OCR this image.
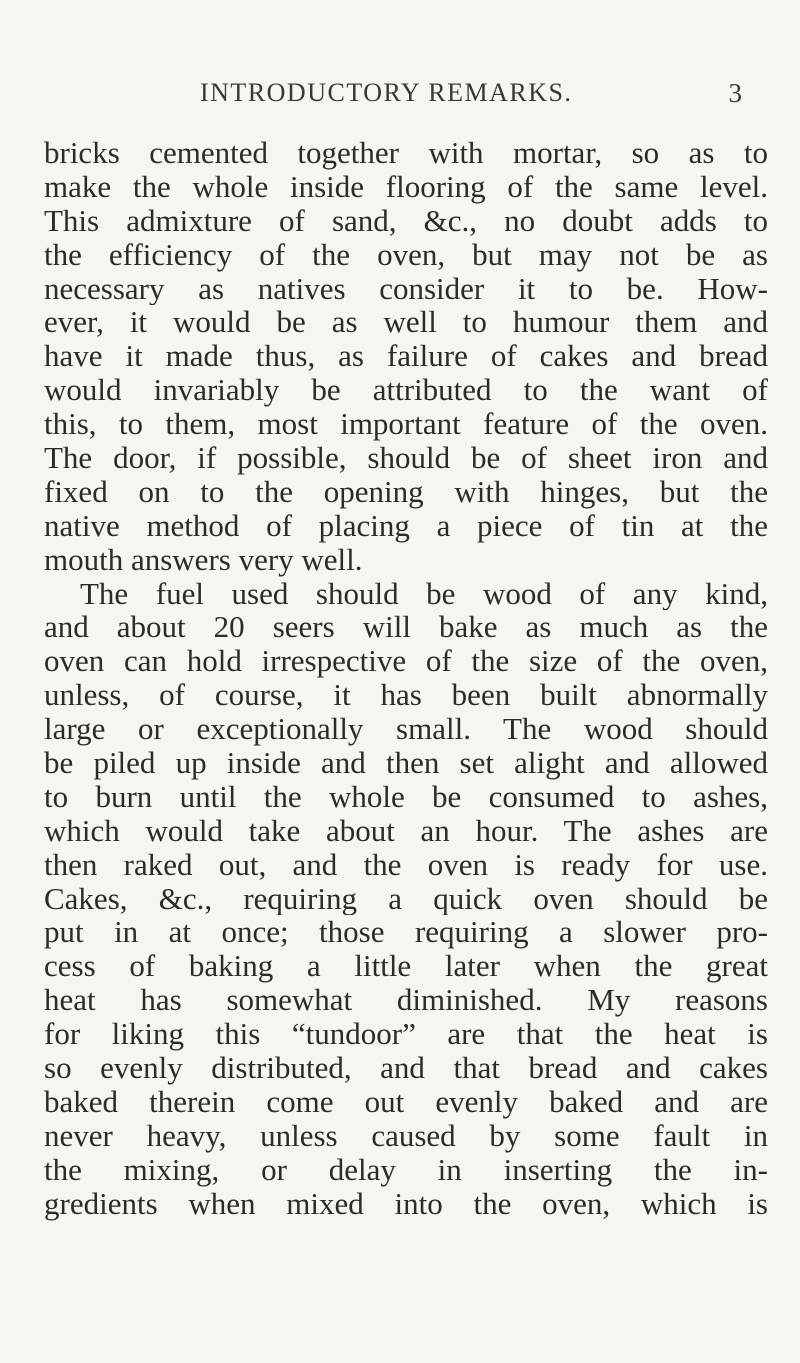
INTRODUCTORY REMARKS.	3
bricks cemented together with mortar, so as to
make the whole inside flooring of the same level.
This admixture of sand, &c., no doubt adds to
the efficiency of the oven, but may not be as
necessary as natives consider it to be. How-
ever, it would be as well to humour them and
have it made thus, as failure of cakes and bread
would invariably be attributed to the want of
this, to them, most important feature of the oven.
The door, if possible, should be of sheet iron and
fixed on to the opening with hinges, but the
native method of placing a piece of tin at the
mouth answers very well.
The fuel used should be wood of any kind,
and about 20 seers will bake as much as the
oven can hold irrespective of the size of the oven,
unless, of course, it has been built abnormally
large or exceptionally small. The wood should
be piled up inside and then set alight and allowed
to burn until the whole be consumed to ashes,
which would take about an hour. The ashes are
then raked out, and the oven is ready for use.
Cakes, &c., requiring a quick oven should be
put in at once; those requiring a slower pro-
cess of baking a little later when the great
heat has somewhat diminished. My reasons
for liking this “tundoor” are that the heat is
so evenly distributed, and that bread and cakes
baked therein come out evenly baked and are
never heavy, unless caused by some fault in
the mixing, or delay in inserting the in-
gredients when mixed into the oven, which is
